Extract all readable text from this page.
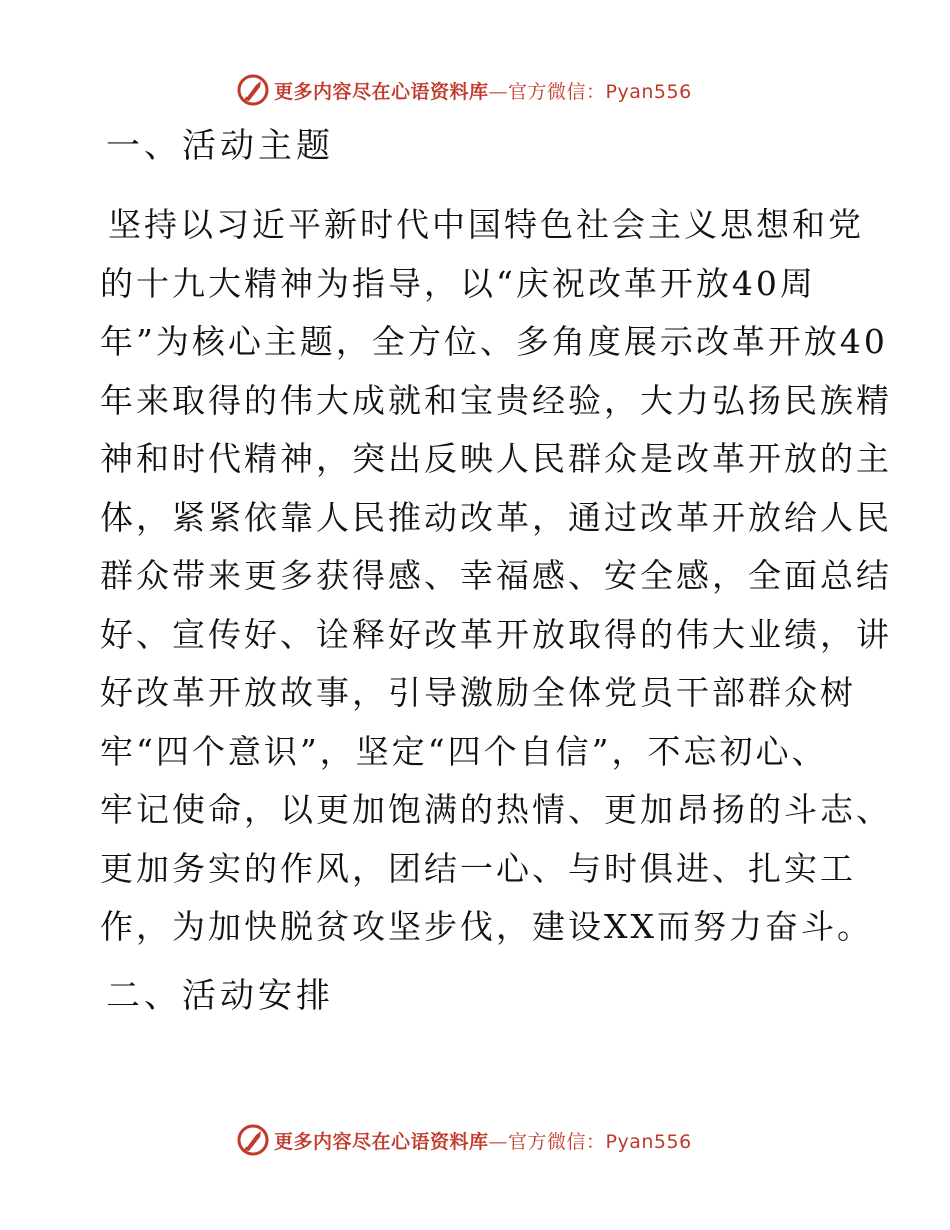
更多内容尽在心语资料库—官方微信：Pyan556
一、活动主题
坚持以习近平新时代中国特色社会主义思想和党
的十九大精神为指导，以“庆祝改革开放40周
年”为核心主题，全方位、多角度展示改革开放40
年来取得的伟大成就和宝贵经验，大力弘扬民族精
神和时代精神，突出反映人民群众是改革开放的主
体，紧紧依靠人民推动改革，通过改革开放给人民
群众带来更多获得感、幸福感、安全感，全面总结
好、宣传好、诠释好改革开放取得的伟大业绩，讲
好改革开放故事，引导激励全体党员干部群众树
牢“四个意识”，坚定“四个自信”，不忘初心、
牢记使命，以更加饱满的热情、更加昂扬的斗志、
更加务实的作风，团结一心、与时俱进、扎实工
作，为加快脱贫攻坚步伐，建设XX而努力奋斗。
二、活动安排
更多内容尽在心语资料库—官方微信：Pyan556
